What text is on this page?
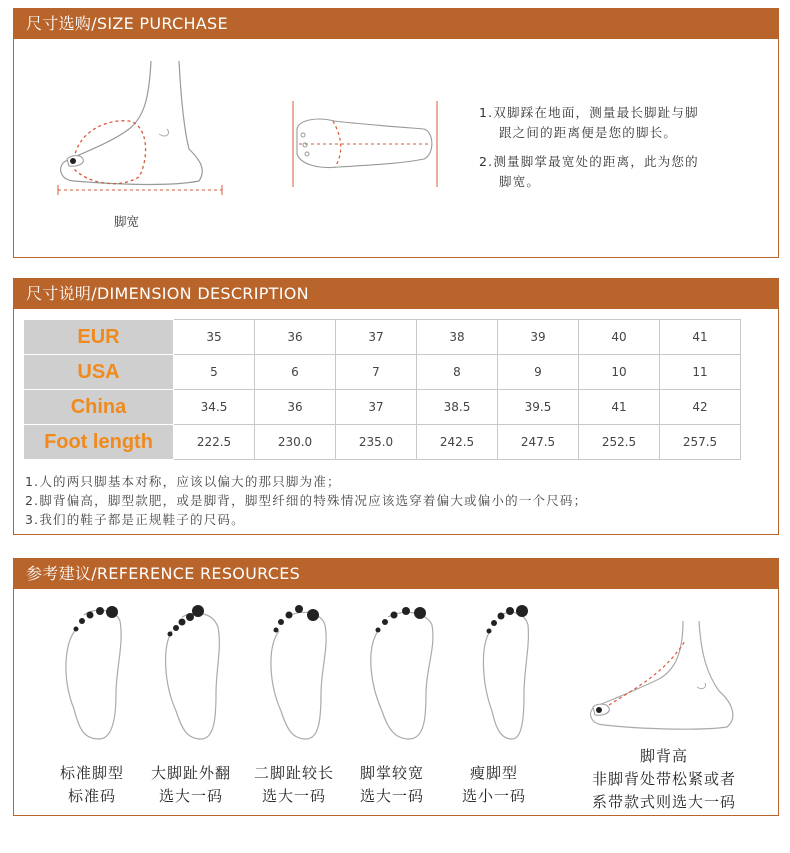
尺寸选购/SIZE PURCHASE
脚宽
1.双脚踩在地面，测量最长脚趾与脚
跟之间的距离便是您的脚长。
2.测量脚掌最宽处的距离，此为您的
脚宽。
尺寸说明/DIMENSION DESCRIPTION
EUR	35	36	37	38	39	40	41
USA	5	6	7	8	9	10	11
China	34.5	36	37	38.5	39.5	41	42
Foot length	222.5	230.0	235.0	242.5	247.5	252.5	257.5
1.人的两只脚基本对称，应该以偏大的那只脚为准；
2.脚背偏高，脚型款肥，或是脚背，脚型纤细的特殊情况应该选穿着偏大或偏小的一个尺码；
3.我们的鞋子都是正规鞋子的尺码。
参考建议/REFERENCE RESOURCES
标准脚型
标准码
大脚趾外翻
选大一码
二脚趾较长
选大一码
脚掌较宽
选大一码
瘦脚型
选小一码
脚背高
非脚背处带松紧或者
系带款式则选大一码
